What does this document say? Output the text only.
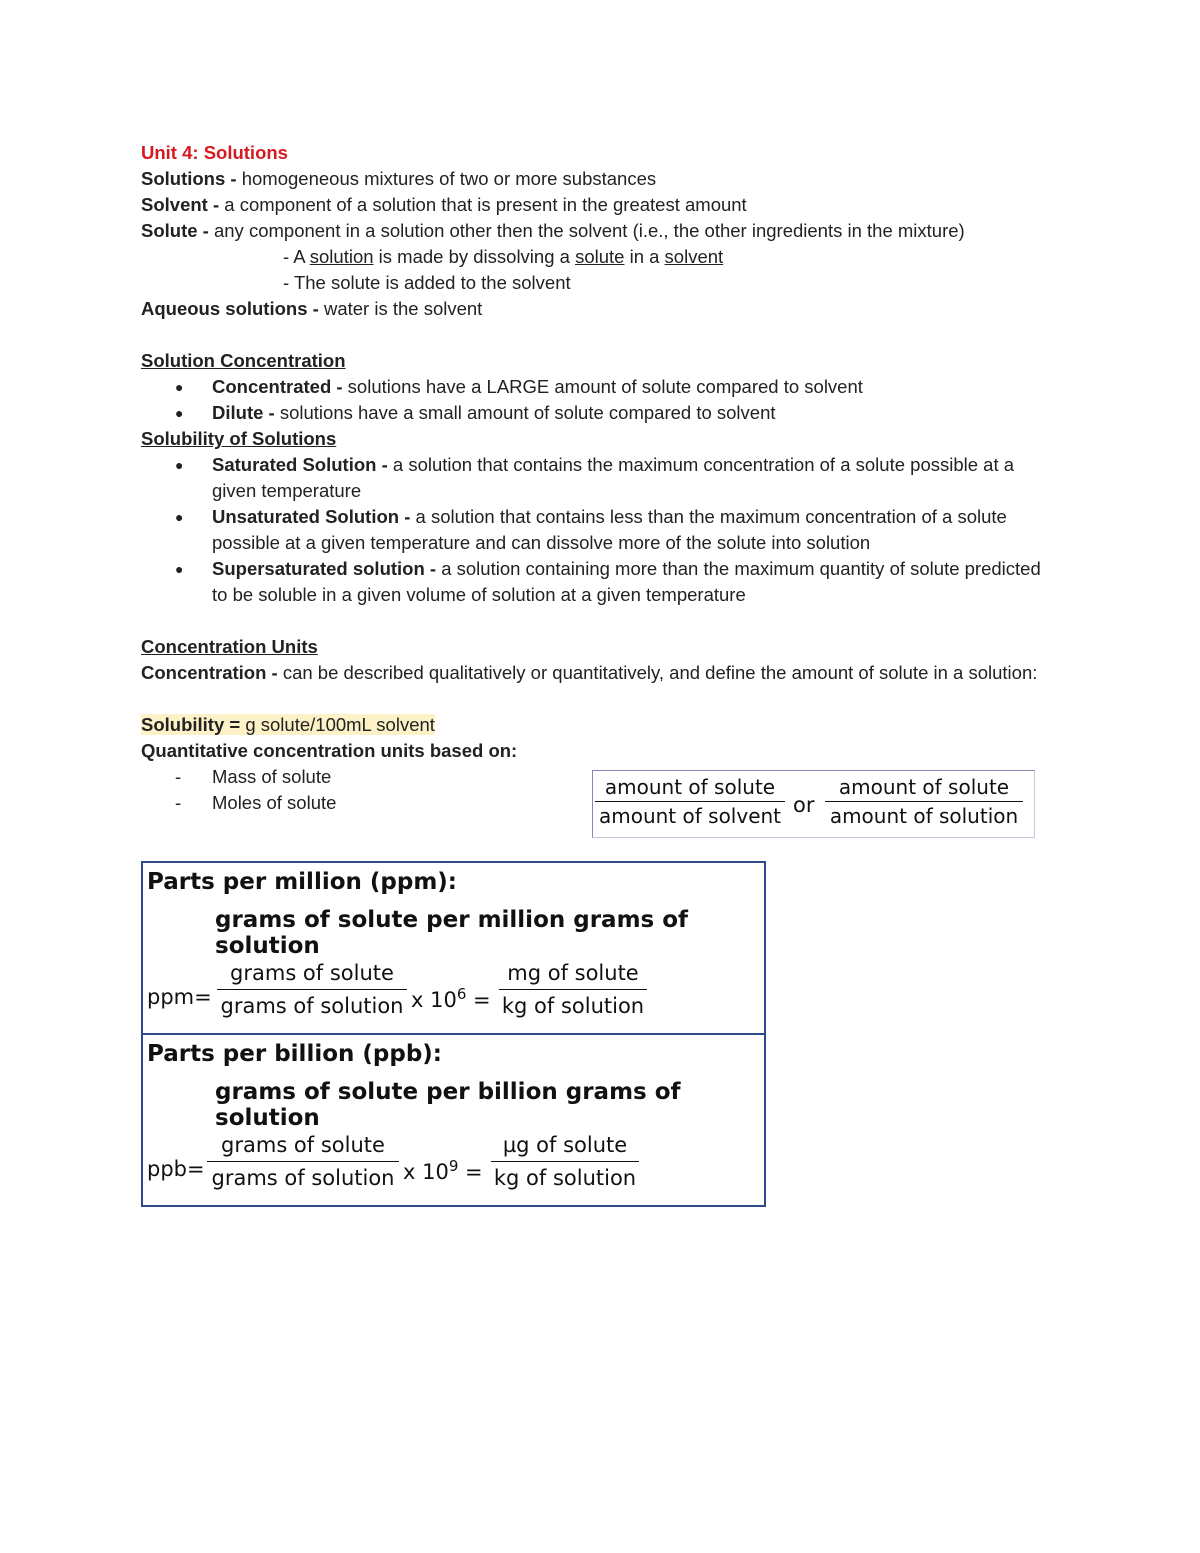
Unit 4: Solutions
Solutions - homogeneous mixtures of two or more substances
Solvent - a component of a solution that is present in the greatest amount
Solute - any component in a solution other then the solvent (i.e., the other ingredients in the mixture)
- A solution is made by dissolving a solute in a solvent
- The solute is added to the solvent
Aqueous solutions - water is the solvent
Solution Concentration
● Concentrated - solutions have a LARGE amount of solute compared to solvent
● Dilute - solutions have a small amount of solute compared to solvent
Solubility of Solutions
● Saturated Solution - a solution that contains the maximum concentration of a solute possible at a given temperature
● Unsaturated Solution - a solution that contains less than the maximum concentration of a solute possible at a given temperature and can dissolve more of the solute into solution
● Supersaturated solution - a solution containing more than the maximum quantity of solute predicted to be soluble in a given volume of solution at a given temperature
Concentration Units
Concentration - can be described qualitatively or quantitatively, and define the amount of solute in a solution:
Solubility = g solute/100mL solvent
Quantitative concentration units based on:
- Mass of solute
- Moles of solute
amount of solute
amount of solvent or
amount of solute
amount of solution
Parts per million (ppm):
grams of solute per million grams of solution
ppm=
grams of solute
grams of solution x $10^6$ =
mg of solute
kg of solution
Parts per billion (ppb):
grams of solute per billion grams of solution
ppb=
grams of solute
grams of solution x $10^9$ =
µg of solute
kg of solution
